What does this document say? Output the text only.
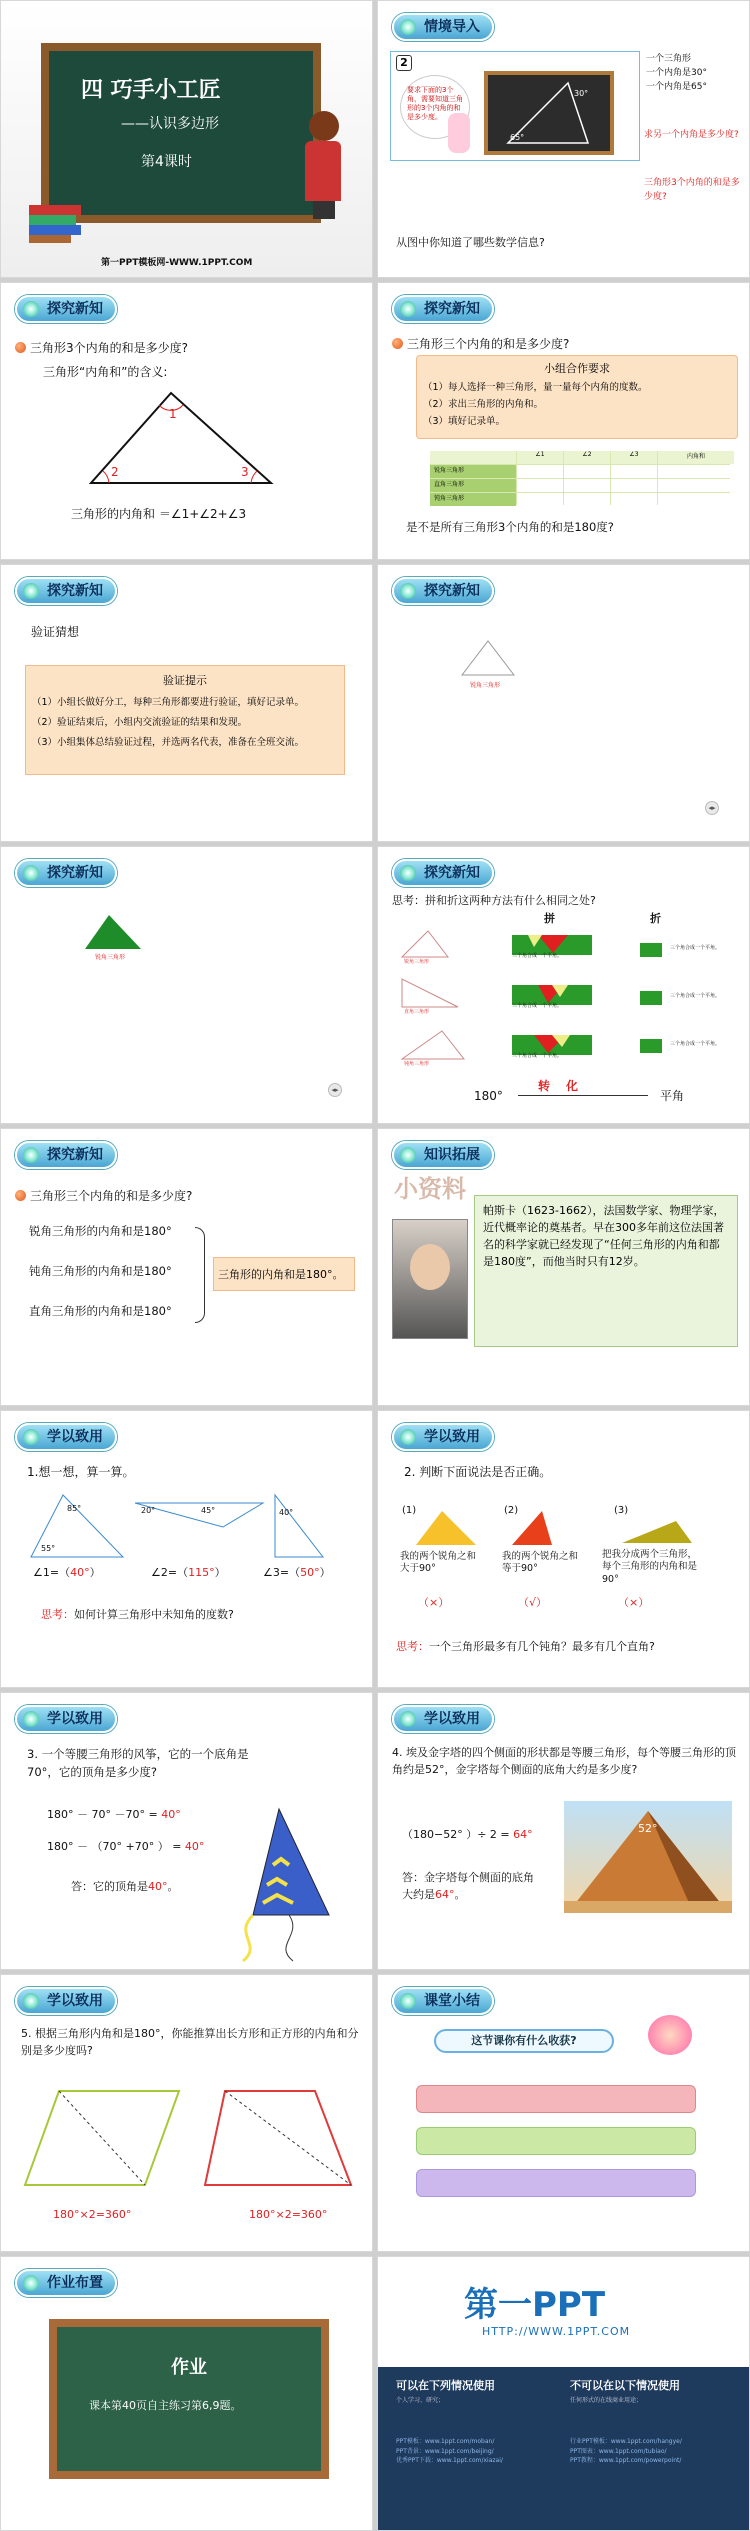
四 巧手小工匠
——认识多边形
第4课时
第一PPT模板网-WWW.1PPT.COM
情境导入
2
要求下面的3个角，需要知道三角形的3个内角的和是多少度。
30°
65°
一个三角形
一个内角是30°
一个内角是65°
求另一个内角是多少度?
三角形3个内角的和是多少度?
从图中你知道了哪些数学信息?
探究新知
三角形3个内角的和是多少度?
三角形“内角和”的含义:
1
2	3
三角形的内角和 ＝∠1+∠2+∠3
探究新知
三角形三个内角的和是多少度?
小组合作要求
（1）每人选择一种三角形，量一量每个内角的度数。
（2）求出三角形的内角和。
（3）填好记录单。
∠1	∠2	∠3	内角和
锐角三角形
直角三角形
钝角三角形
是不是所有三角形3个内角的和是180度?
探究新知
验证猜想
验证提示
（1）小组长做好分工，每种三角形都要进行验证，填好记录单。
（2）验证结束后，小组内交流验证的结果和发现。
（3）小组集体总结验证过程，并选两名代表，准备在全班交流。
探究新知
锐角三角形
◂▸
探究新知
锐角三角形
◂▸
探究新知
思考：拼和折这两种方法有什么相同之处?
拼	折
锐角三角形
直角三角形
钝角三角形
三个角合成一个平角。
三个角合成一个平角。
三个角合成一个平角。
三个角合成一个平角。
三个角合成一个平角。
三个角合成一个平角。
180°
转　化
平角
探究新知
三角形三个内角的和是多少度?
锐角三角形的内角和是180°
钝角三角形的内角和是180°
直角三角形的内角和是180°
三角形的内角和是180°。
知识拓展
小资料
帕斯卡（1623-1662），法国数学家、物理学家，近代概率论的奠基者。早在300多年前这位法国著名的科学家就已经发现了“任何三角形的内角和都是180度”，而他当时只有12岁。
学以致用
1.想一想，算一算。
85°
55°
20°	45°	40°
∠1=（40°）	∠2=（115°）	∠3=（50°）
思考：如何计算三角形中未知角的度数?
学以致用
2. 判断下面说法是否正确。
(1)	(2)	(3)
我的两个锐角之和大于90°
我的两个锐角之和等于90°
把我分成两个三角形，每个三角形的内角和是90°
（×）	（√）	（×）
思考：一个三角形最多有几个钝角？最多有几个直角?
学以致用
3. 一个等腰三角形的风筝，它的一个底角是70°，它的顶角是多少度?
180° － 70° －70° = 40°
180° － （70° +70° ） = 40°
答：它的顶角是40°。
学以致用
4. 埃及金字塔的四个侧面的形状都是等腰三角形，每个等腰三角形的顶角约是52°，金字塔每个侧面的底角大约是多少度?
（180−52° ）÷ 2 = 64°
答：金字塔每个侧面的底角大约是64°。
52°
学以致用
5. 根据三角形内角和是180°，你能推算出长方形和正方形的内角和分别是多少度吗?
180°×2=360°	180°×2=360°
课堂小结
这节课你有什么收获?
作业布置
作业
课本第40页自主练习第6,9题。
第一PPT
HTTP://WWW.1PPT.COM
可以在下列情况使用	不可以在以下情况使用
个人学习、研究；	任何形式的在线商业用途；
PPT模板：www.1ppt.com/moban/
PPT背景：www.1ppt.com/beijing/
优秀PPT下载：www.1ppt.com/xiazai/
行业PPT模板：www.1ppt.com/hangye/
PPT图表：www.1ppt.com/tubiao/
PPT教程：www.1ppt.com/powerpoint/
